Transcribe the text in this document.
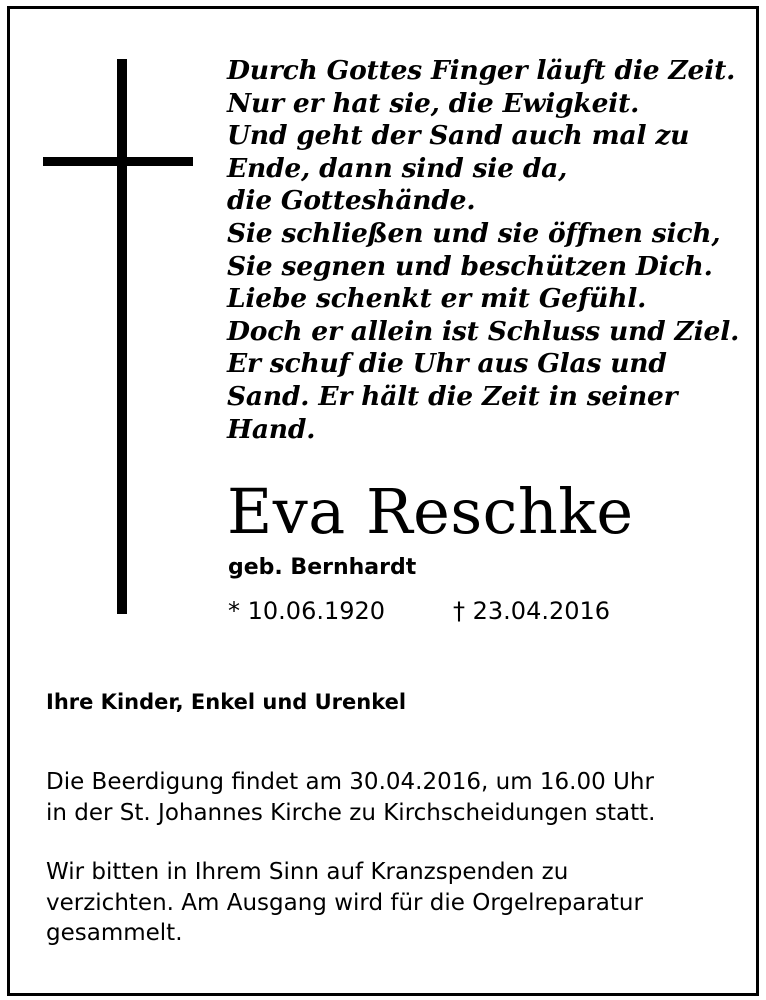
Durch Gottes Finger läuft die Zeit.
Nur er hat sie, die Ewigkeit.
Und geht der Sand auch mal zu
Ende, dann sind sie da,
die Gotteshände.
Sie schließen und sie öffnen sich,
Sie segnen und beschützen Dich.
Liebe schenkt er mit Gefühl.
Doch er allein ist Schluss und Ziel.
Er schuf die Uhr aus Glas und
Sand. Er hält die Zeit in seiner
Hand.
Eva Reschke
geb. Bernhardt
* 10.06.1920	† 23.04.2016
Ihre Kinder, Enkel und Urenkel
Die Beerdigung findet am 30.04.2016, um 16.00 Uhr
in der St. Johannes Kirche zu Kirchscheidungen statt.
Wir bitten in Ihrem Sinn auf Kranzspenden zu
verzichten. Am Ausgang wird für die Orgelreparatur
gesammelt.
